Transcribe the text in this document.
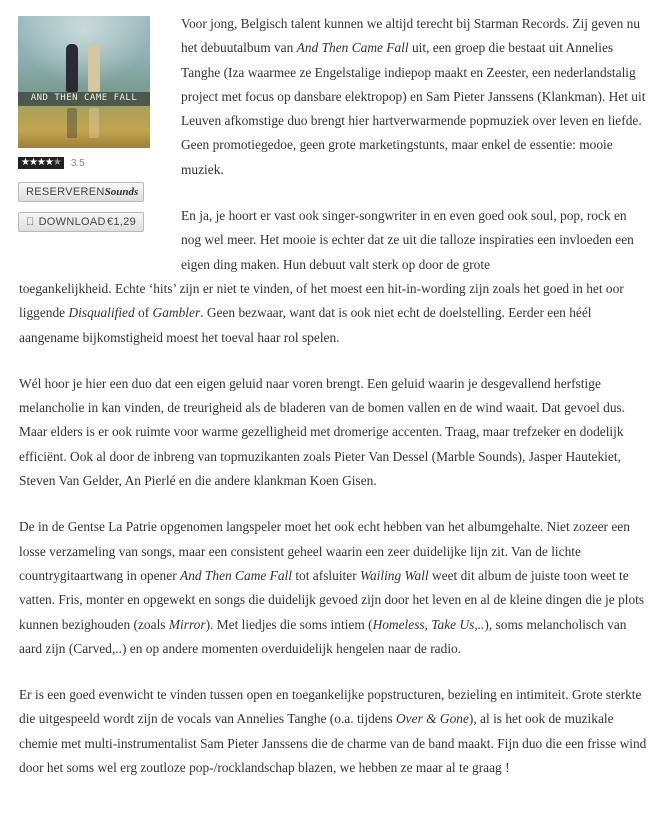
AND THEN CAME FALL
★★★★★	3.5
RESERVEREN Sounds
DOWNLOAD €1,29

Voor jong, Belgisch talent kunnen we altijd terecht bij Starman Records. Zij geven nu het debuutalbum van And Then Came Fall uit, een groep die bestaat uit Annelies Tanghe (Iza waarmee ze Engelstalige indiepop maakt en Zeester, een nederlandstalig project met focus op dansbare elektropop) en Sam Pieter Janssens (Klankman). Het uit Leuven afkomstige duo brengt hier hartverwarmende popmuziek over leven en liefde. Geen promotiegedoe, geen grote marketingstunts, maar enkel de essentie: mooie muziek.

En ja, je hoort er vast ook singer-songwriter in en even goed ook soul, pop, rock en nog wel meer. Het mooie is echter dat ze uit die talloze inspiraties een invloeden een eigen ding maken. Hun debuut valt sterk op door de grote
toegankelijkheid. Echte ‘hits’ zijn er niet te vinden, of het moest een hit-in-wording zijn zoals het goed in het oor liggende Disqualified of Gambler. Geen bezwaar, want dat is ook niet echt de doelstelling. Eerder een héél aangename bijkomstigheid moest het toeval haar rol spelen.

Wél hoor je hier een duo dat een eigen geluid naar voren brengt. Een geluid waarin je desgevallend herfstige melancholie in kan vinden, de treurigheid als de bladeren van de bomen vallen en de wind waait. Dat gevoel dus. Maar elders is er ook ruimte voor warme gezelligheid met dromerige accenten. Traag, maar trefzeker en dodelijk efficiënt. Ook al door de inbreng van topmuzikanten zoals Pieter Van Dessel (Marble Sounds), Jasper Hautekiet, Steven Van Gelder, An Pierlé en die andere klankman Koen Gisen.

De in de Gentse La Patrie opgenomen langspeler moet het ook echt hebben van het albumgehalte. Niet zozeer een losse verzameling van songs, maar een consistent geheel waarin een zeer duidelijke lijn zit. Van de lichte countrygitaartwang in opener And Then Came Fall tot afsluiter Wailing Wall weet dit album de juiste toon weet te vatten. Fris, monter en opgewekt en songs die duidelijk gevoed zijn door het leven en al de kleine dingen die je plots kunnen bezighouden (zoals Mirror). Met liedjes die soms intiem (Homeless, Take Us,..), soms melancholisch van aard zijn (Carved,..) en op andere momenten overduidelijk hengelen naar de radio.

Er is een goed evenwicht te vinden tussen open en toegankelijke popstructuren, bezieling en intimiteit. Grote sterkte die uitgespeeld wordt zijn de vocals van Annelies Tanghe (o.a. tijdens Over & Gone), al is het ook de muzikale chemie met multi-instrumentalist Sam Pieter Janssens die de charme van de band maakt. Fijn duo die een frisse wind door het soms wel erg zoutloze pop-/rocklandschap blazen, we hebben ze maar al te graag !
